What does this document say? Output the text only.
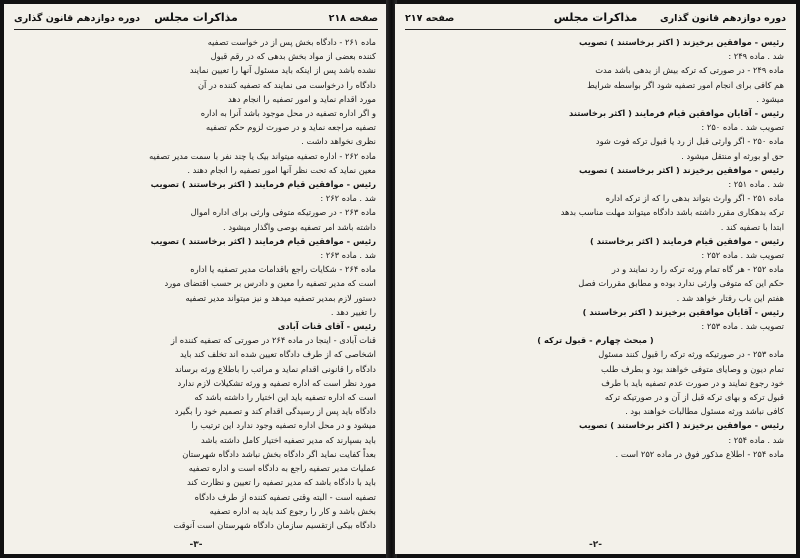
صفحه ۲۱۸
مذاکرات مجلس
دوره دوازدهم قانون گذاری
ماده ۲۶۱ - دادگاه بخش پس از در خواست تصفیه
کننده بعضی از مواد بخش بدهی که در رقم قبول
نشده باشد پس از اینکه باید مسئول آنها را تعیین نمایند
دادگاه را درخواست می نمایند که تصفیه کننده در آن
مورد اقدام نماید و امور تصفیه را انجام دهد
و اگر اداره تصفیه در محل موجود باشد آنرا به اداره
تصفیه مراجعه نماید و در صورت لزوم حکم تصفیه
نظری نخواهد داشت .
ماده ۲۶۲ - اداره تصفیه میتواند بیک یا چند نفر با سمت مدیر تصفیه
معین نماید که تحت نظر آنها امور تصفیه را انجام دهند .
رئیس - موافقین قیام فرمایند ( اکثر برخاستند ) تصویب
شد . ماده ۲۶۲ :
ماده ۲۶۳ - در صورتیکه متوفی وارثی برای اداره اموال
داشته باشد امر تصفیه بوصی واگذار میشود .
رئیس - موافقین قیام فرمایند ( اکثر برخاستند ) تصویب
شد . ماده ۲۶۳ :
ماده ۲۶۴ - شکایات راجع باقدامات مدیر تصفیه یا اداره
است که مدیر تصفیه را معین و دادرس بر حسب اقتضای مورد
دستور لازم بمدیر تصفیه میدهد و نیز میتواند مدیر تصفیه
را تغییر دهد .
رئیس - آقای قنات آبادی
قنات آبادی - اینجا در ماده ۲۶۴ در صورتی که تصفیه کننده از
اشخاصی که از طرف دادگاه تعیین شده اند تخلف کند باید
دادگاه را قانونی اقدام نماید و مراتب را باطلاع ورثه برساند
مورد نظر است که اداره تصفیه و ورثه تشکیلات لازم ندارد
است که اداره تصفیه باید این اختیار را داشته باشد که
دادگاه باید پس از رسیدگی اقدام کند و تصمیم خود را بگیرد
میشود و در محل اداره تصفیه وجود ندارد این ترتیب را
باید بسپارند که مدیر تصفیه اختیار کامل داشته باشد
بعداً کفایت نماید اگر دادگاه بخش نباشد دادگاه شهرستان
عملیات مدیر تصفیه راجع به دادگاه است و اداره تصفیه
باید با دادگاه باشد که مدیر تصفیه را تعیین و نظارت کند
تصفیه است - البته وقتی تصفیه کننده از طرف دادگاه
بخش باشد و کار را رجوع کند باید به اداره تصفیه
دادگاه بیکی ازتقسیم سازمان دادگاه شهرستان است آنوقت
-۳-
دوره دوازدهم قانون گذاری
مذاکرات مجلس
صفحه ۲۱۷
رئیس - موافقین برخیزند ( اکثر برخاستند ) تصویب
شد . ماده ۲۴۹ :
ماده ۲۴۹ - در صورتی که ترکه بیش از بدهی باشد مدت
هم کافی برای انجام امور تصفیه شود اگر بواسطه شرایط
میشود .
رئیس - آقایان موافقین قیام فرمایند ( اکثر برخاستند
تصویب شد . ماده ۲۵۰ :
ماده ۲۵۰ - اگر وارثی قبل از رد یا قبول ترکه فوت شود
حق او بورثه او منتقل میشود .
رئیس - موافقین برخیزند ( اکثر برخاستند ) تصویب
شد . ماده ۲۵۱ :
ماده ۲۵۱ - اگر وارث بتواند بدهی را که از ترکه اداره
ترکه بدهکاری مقرر داشته باشد دادگاه میتواند مهلت مناسب بدهد
ابتدا با تصفیه کند .
رئیس - موافقین قیام فرمایند ( اکثر برخاستند )
تصویب شد . ماده ۲۵۲ :
ماده ۲۵۲ - هر گاه تمام ورثه ترکه را رد نمایند و در
حکم این که متوفی وارثی ندارد بوده و مطابق مقررات فصل
هفتم این باب رفتار خواهد شد .
رئیس - آقایان موافقین برخیزند ( اکثر برخاستند )
تصویب شد . ماده ۲۵۳ :
( مبحث چهارم - قبول ترکه )
ماده ۲۵۳ - در صورتیکه ورثه ترکه را قبول کنند مسئول
تمام دیون و وصایای متوفی خواهند بود و بطرف طلب
خود رجوع نمایند و در صورت عدم تصفیه باید با طرف
قبول ترکه و بهای ترکه قبل از آن و در صورتیکه ترکه
کافی نباشد ورثه مسئول مطالبات خواهند بود .
رئیس - موافقین برخیزند ( اکثر برخاستند ) تصویب
شد . ماده ۲۵۴ :
ماده ۲۵۴ - اطلاع مذکور فوق در ماده ۲۵۲ است .
-۲-
